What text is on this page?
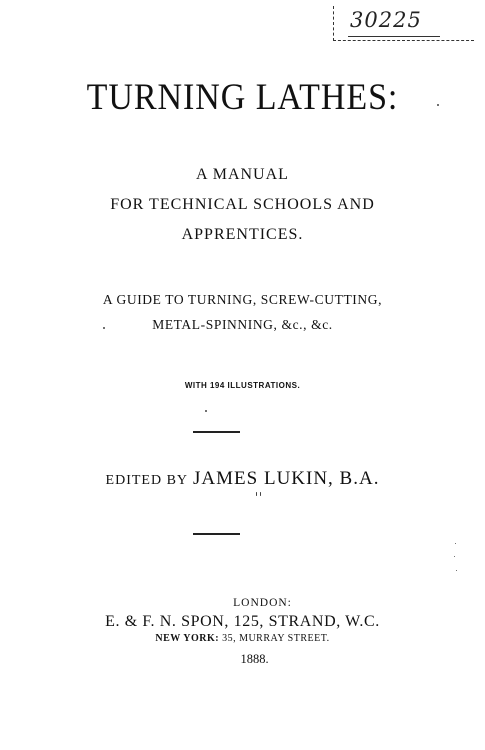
30225
TURNING LATHES:
A MANUAL
FOR TECHNICAL SCHOOLS AND
APPRENTICES.
A GUIDE TO TURNING, SCREW-CUTTING,
METAL-SPINNING, &c., &c.
WITH 194 ILLUSTRATIONS.
EDITED BY JAMES LUKIN, B.A.
LONDON:
E. & F. N. SPON, 125, STRAND, W.C.
NEW YORK: 35, MURRAY STREET.
1888.
